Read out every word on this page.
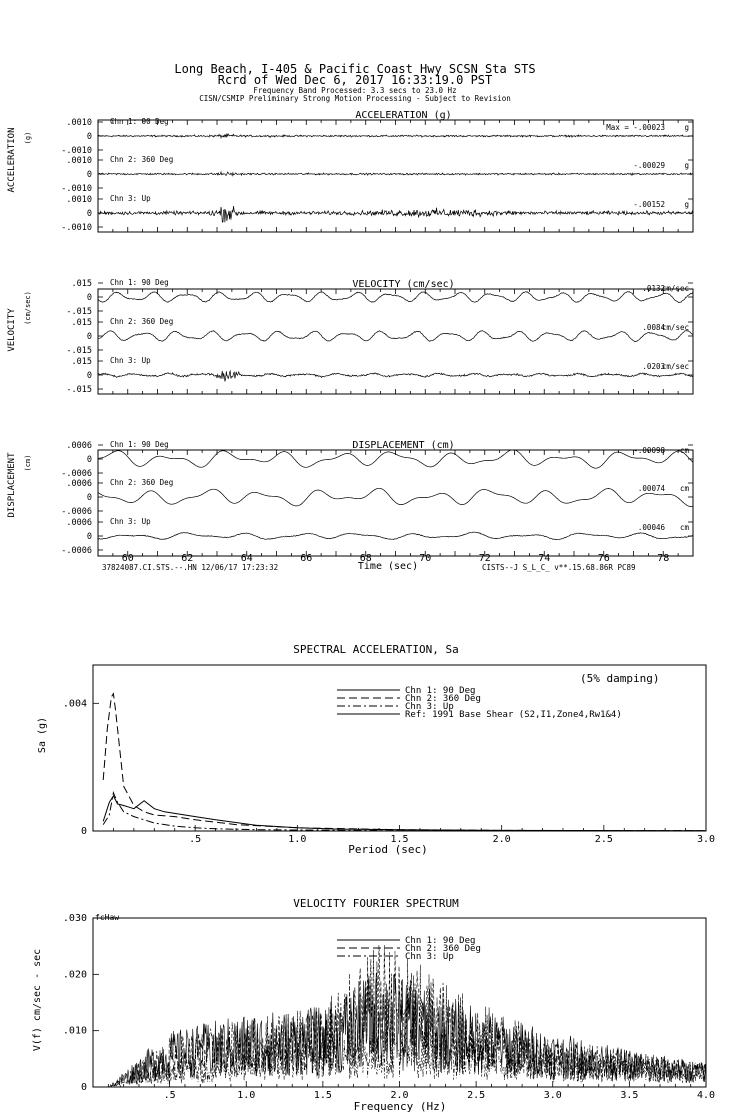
Long Beach, I-405 & Pacific Coast Hwy SCSN Sta STS
Rcrd of Wed Dec 6, 2017 16:33:19.0 PST
Frequency Band Processed: 3.3 secs to 23.0 Hz
CISN/CSMIP Preliminary Strong Motion Processing - Subject to Revision
ACCELERATION (g)
ACCELERATION (g)
Chn 1: 90 Deg
.0010
0
-.0010
Max = -.00023	g
Chn 2: 360 Deg
.0010
0
-.0010
-.00029	g
Chn 3: Up
.0010
0
-.0010
-.00152	g
VELOCITY (cm/sec)
VELOCITY
(cm/sec)
Chn 1: 90 Deg
.015
0
-.015
.0132
cm/sec
Chn 2: 360 Deg
.015
0
-.015
.0084
cm/sec
Chn 3: Up
.015
0
-.015
.0203
cm/sec
DISPLACEMENT (cm)
DISPLACEMENT (cm)
Chn 1: 90 Deg
.0006
0
-.0006
-.00098 cm
Chn 2: 360 Deg
.0006
0
-.0006
.00074 cm
Chn 3: Up
.0006
0
-.0006
.00046 cm
60	62	64	66	68	70	72	74	76	78
Time (sec)
37824087.CI.STS.--.HN 12/06/17 17:23:32	CISTS--J S_L_C_ v**.15.68.86R PC89
SPECTRAL ACCELERATION, Sa
(5% damping)
Sa (g)
Period (sec)
Ref: 1991 Base Shear (S2,I1,Zone4,Rw1&4)
.5	1.0	1.5	2.0	2.5	3.0
0
.004
Chn 1: 90 Deg
Chn 2: 360 Deg
Chn 3: Up
VELOCITY FOURIER SPECTRUM
fcHaw
V(f) cm/sec - sec
Frequency (Hz)
.5	1.0	1.5	2.0	2.5	3.0	3.5	4.0
0
.010
.020
.030
Chn 1: 90 Deg
Chn 2: 360 Deg
Chn 3: Up
